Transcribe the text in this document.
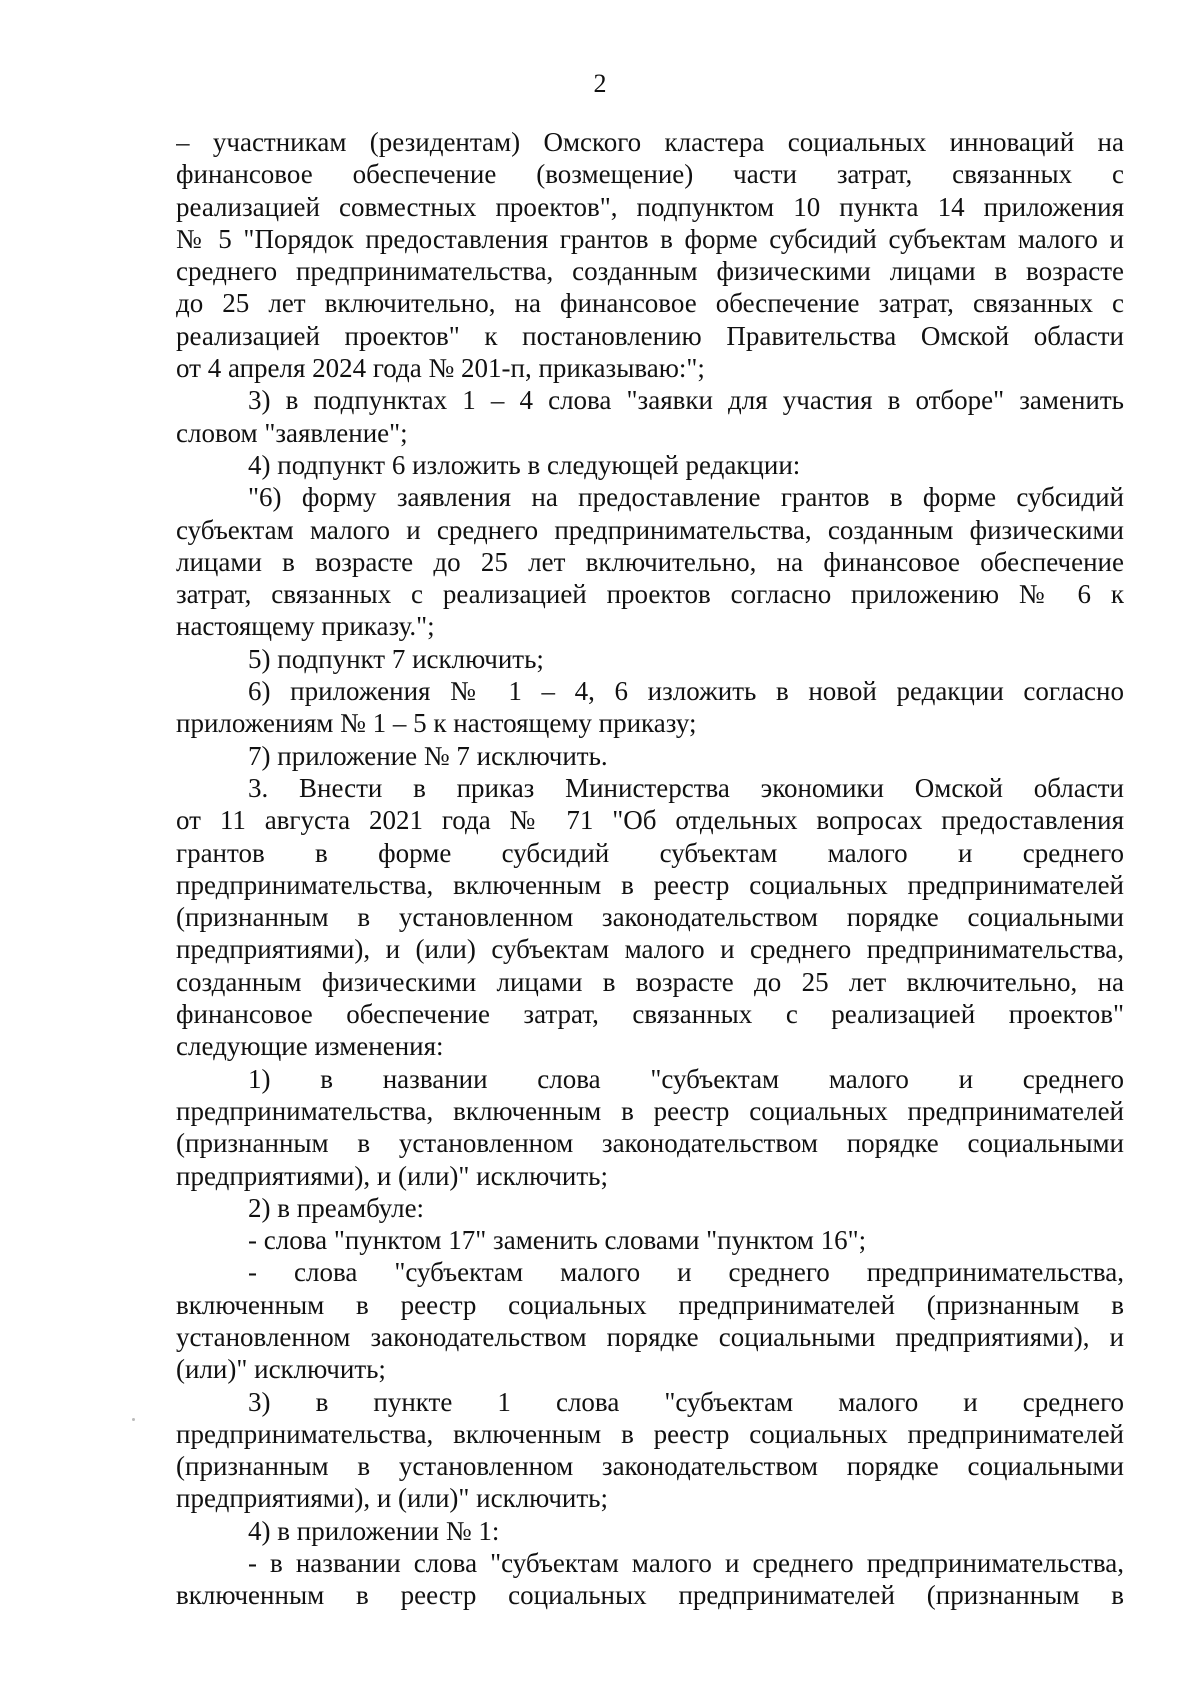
2
– участникам (резидентам) Омского кластера социальных инноваций на
финансовое обеспечение (возмещение) части затрат, связанных с
реализацией совместных проектов", подпунктом 10 пункта 14 приложения
№ 5 "Порядок предоставления грантов в форме субсидий субъектам малого и
среднего предпринимательства, созданным физическими лицами в возрасте
до 25 лет включительно, на финансовое обеспечение затрат, связанных с
реализацией проектов" к постановлению Правительства Омской области
от 4 апреля 2024 года № 201-п, приказываю:";
3) в подпунктах 1 – 4 слова "заявки для участия в отборе" заменить
словом "заявление";
4) подпункт 6 изложить в следующей редакции:
"6) форму заявления на предоставление грантов в форме субсидий
субъектам малого и среднего предпринимательства, созданным физическими
лицами в возрасте до 25 лет включительно, на финансовое обеспечение
затрат, связанных с реализацией проектов согласно приложению № 6 к
настоящему приказу.";
5) подпункт 7 исключить;
6) приложения № 1 – 4, 6 изложить в новой редакции согласно
приложениям № 1 – 5 к настоящему приказу;
7) приложение № 7 исключить.
3. Внести в приказ Министерства экономики Омской области
от 11 августа 2021 года № 71 "Об отдельных вопросах предоставления
грантов в форме субсидий субъектам малого и среднего
предпринимательства, включенным в реестр социальных предпринимателей
(признанным в установленном законодательством порядке социальными
предприятиями), и (или) субъектам малого и среднего предпринимательства,
созданным физическими лицами в возрасте до 25 лет включительно, на
финансовое обеспечение затрат, связанных с реализацией проектов"
следующие изменения:
1) в названии слова "субъектам малого и среднего
предпринимательства, включенным в реестр социальных предпринимателей
(признанным в установленном законодательством порядке социальными
предприятиями), и (или)" исключить;
2) в преамбуле:
- слова "пунктом 17" заменить словами "пунктом 16";
- слова "субъектам малого и среднего предпринимательства,
включенным в реестр социальных предпринимателей (признанным в
установленном законодательством порядке социальными предприятиями), и
(или)" исключить;
3) в пункте 1 слова "субъектам малого и среднего
предпринимательства, включенным в реестр социальных предпринимателей
(признанным в установленном законодательством порядке социальными
предприятиями), и (или)" исключить;
4) в приложении № 1:
- в названии слова "субъектам малого и среднего предпринимательства,
включенным в реестр социальных предпринимателей (признанным в
